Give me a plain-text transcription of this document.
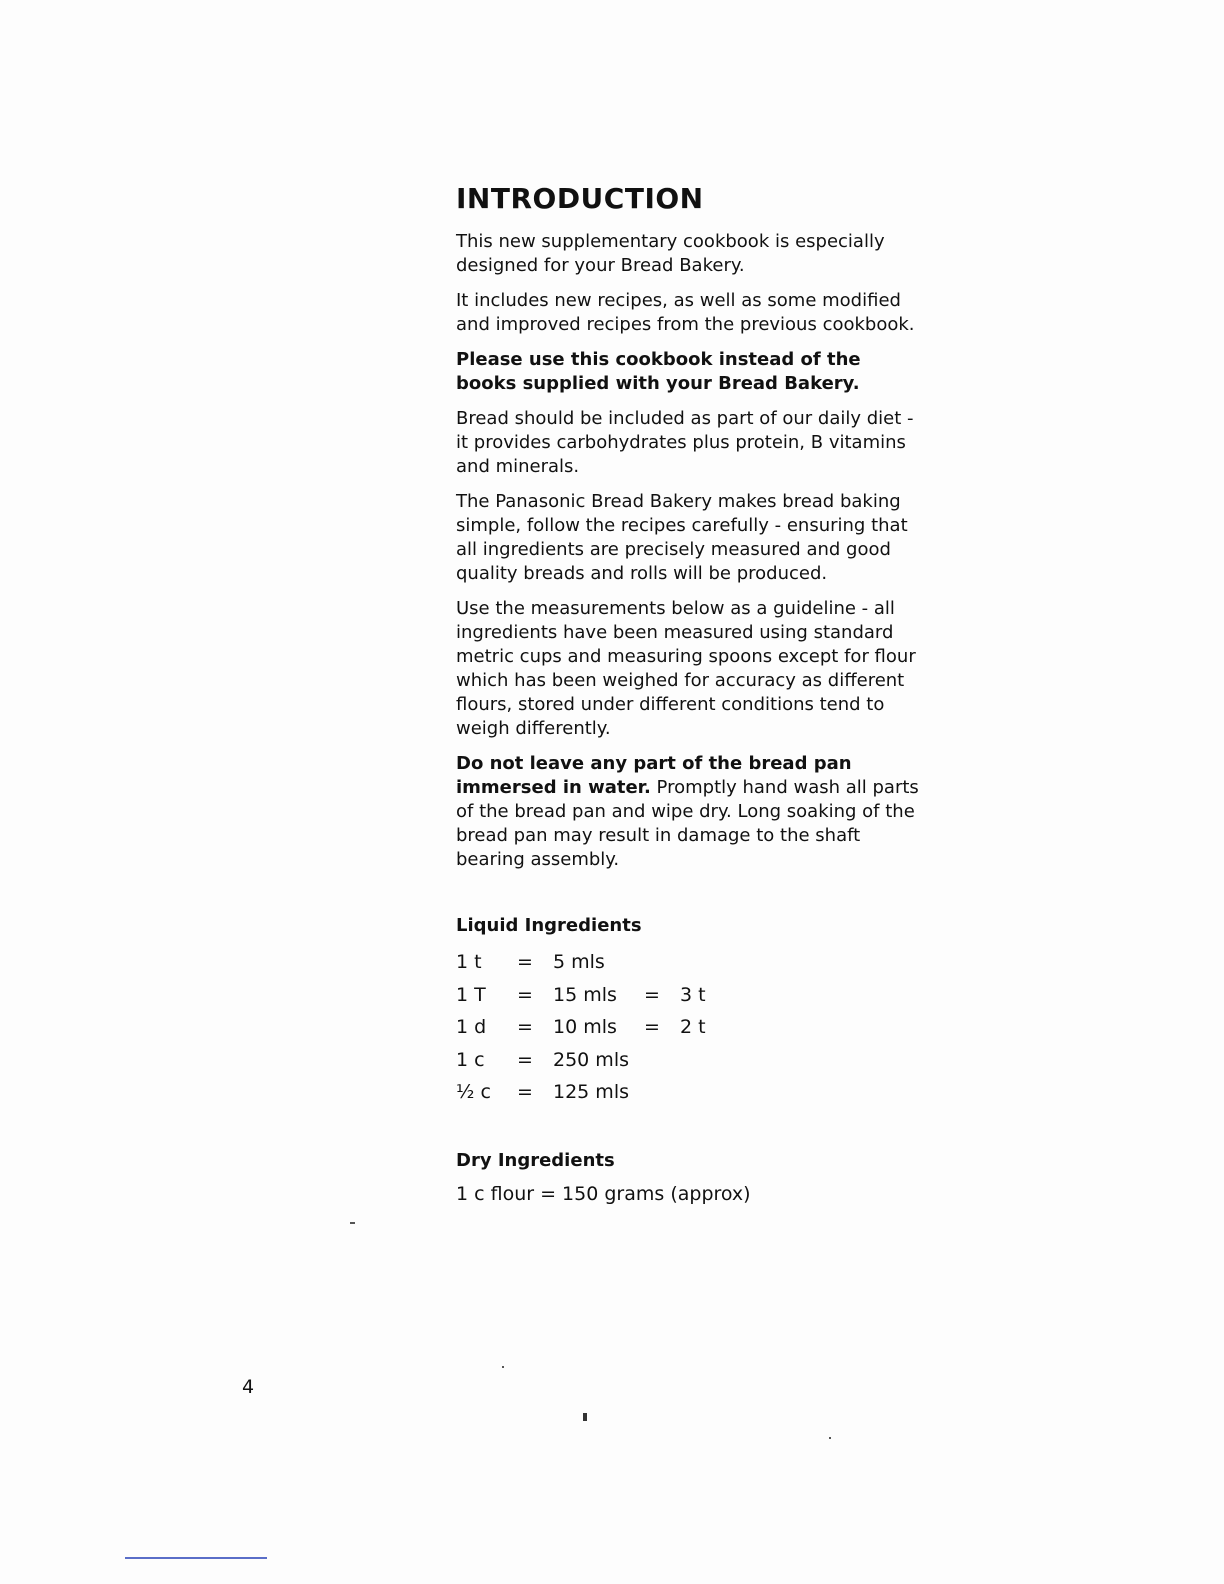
INTRODUCTION

This new supplementary cookbook is especially designed for your Bread Bakery.

It includes new recipes, as well as some modified and improved recipes from the previous cookbook.

Please use this cookbook instead of the books supplied with your Bread Bakery.

Bread should be included as part of our daily diet - it provides carbohydrates plus protein, B vitamins and minerals.

The Panasonic Bread Bakery makes bread baking simple, follow the recipes carefully - ensuring that all ingredients are precisely measured and good quality breads and rolls will be produced.

Use the measurements below as a guideline - all ingredients have been measured using standard metric cups and measuring spoons except for flour which has been weighed for accuracy as different flours, stored under different conditions tend to weigh differently.

Do not leave any part of the bread pan immersed in water. Promptly hand wash all parts of the bread pan and wipe dry. Long soaking of the bread pan may result in damage to the shaft bearing assembly.

Liquid Ingredients
1 t	=	5 mls		
1 T	=	15 mls	=	3 t
1 d	=	10 mls	=	2 t
1 c	=	250 mls		
½ c	=	125 mls		
Dry Ingredients
1 c flour = 150 grams (approx)
4
